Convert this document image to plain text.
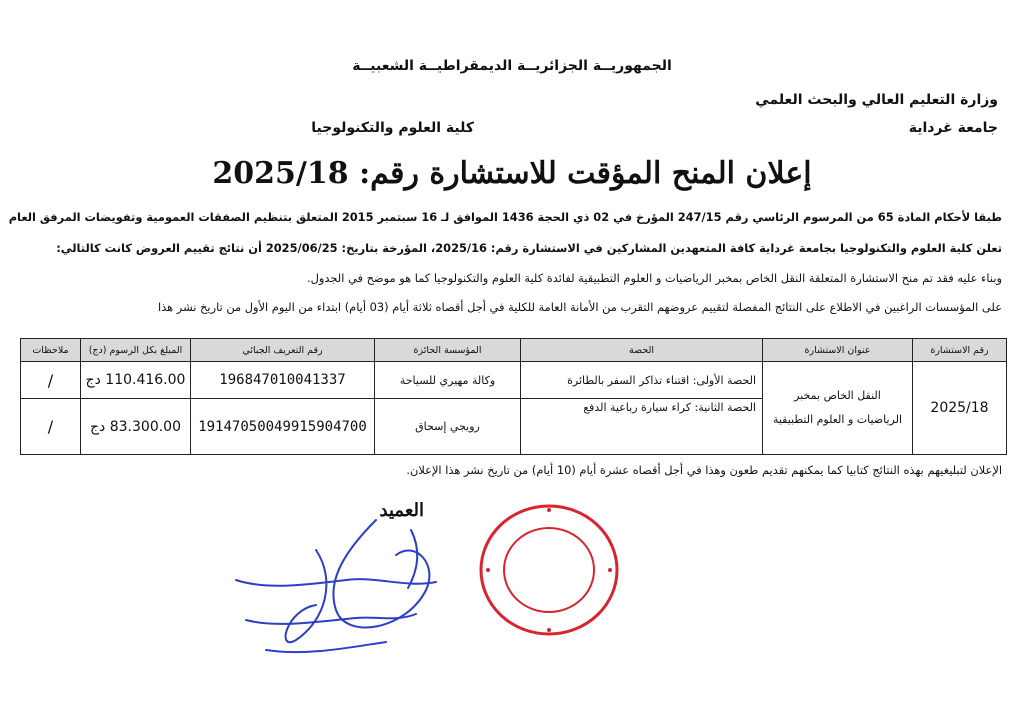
الجمهوريــة الجزائريــة الديمقراطيــة الشعبيــة
وزارة التعليم العالي والبحث العلمي
جامعة غرداية
كلية العلوم والتكنولوجيا
إعلان المنح المؤقت للاستشارة رقم: 2025/18
طبقا لأحكام المادة 65 من المرسوم الرئاسي رقم 247/15 المؤرخ في 02 ذي الحجة 1436 الموافق لـ 16 سبتمبر 2015 المتعلق بتنظيم الصفقات العمومية وتفويضات المرفق العام
تعلن كلية العلوم والتكنولوجيا بجامعة غرداية كافة المتعهدين المشاركين في الاستشارة رقم: 2025/16، المؤرخة بتاريخ: 2025/06/25 أن نتائج تقييم العروض كانت كالتالي:
وبناء عليه فقد تم منح الاستشارة المتعلقة النقل الخاص بمخبر الرياضيات و العلوم التطبيقية لفائدة كلية العلوم والتكنولوجيا كما هو موضح في الجدول.
على المؤسسات الراغبين في الاطلاع على النتائج المفصلة لتقييم عروضهم التقرب من الأمانة العامة للكلية في أجل أقصاه ثلاثة أيام (03 أيام) ابتداء من اليوم الأول من تاريخ نشر هذا
رقم الاستشارة	عنوان الاستشارة	الحصة	المؤسسة الحائزة	رقم التعريف الجبائي	المبلغ بكل الرسوم (دج)	ملاحظات
2025/18	النقل الخاص بمخبر الرياضيات و العلوم التطبيقية	الحصة الأولى: اقتناء تذاكر السفر بالطائرة	وكالة مهيري للسياحة	196847010041337	110.416.00 دج	/
		الحصة الثانية: كراء سيارة رباعية الدفع	رويجي إسحاق	19147050049915904700	83.300.00 دج	/
الإعلان لتبليغيهم بهذه النتائج كتابيا كما يمكنهم تقديم طعون وهذا في أجل أقصاه عشرة أيام (10 أيام) من تاريخ نشر هذا الإعلان.
العميد
